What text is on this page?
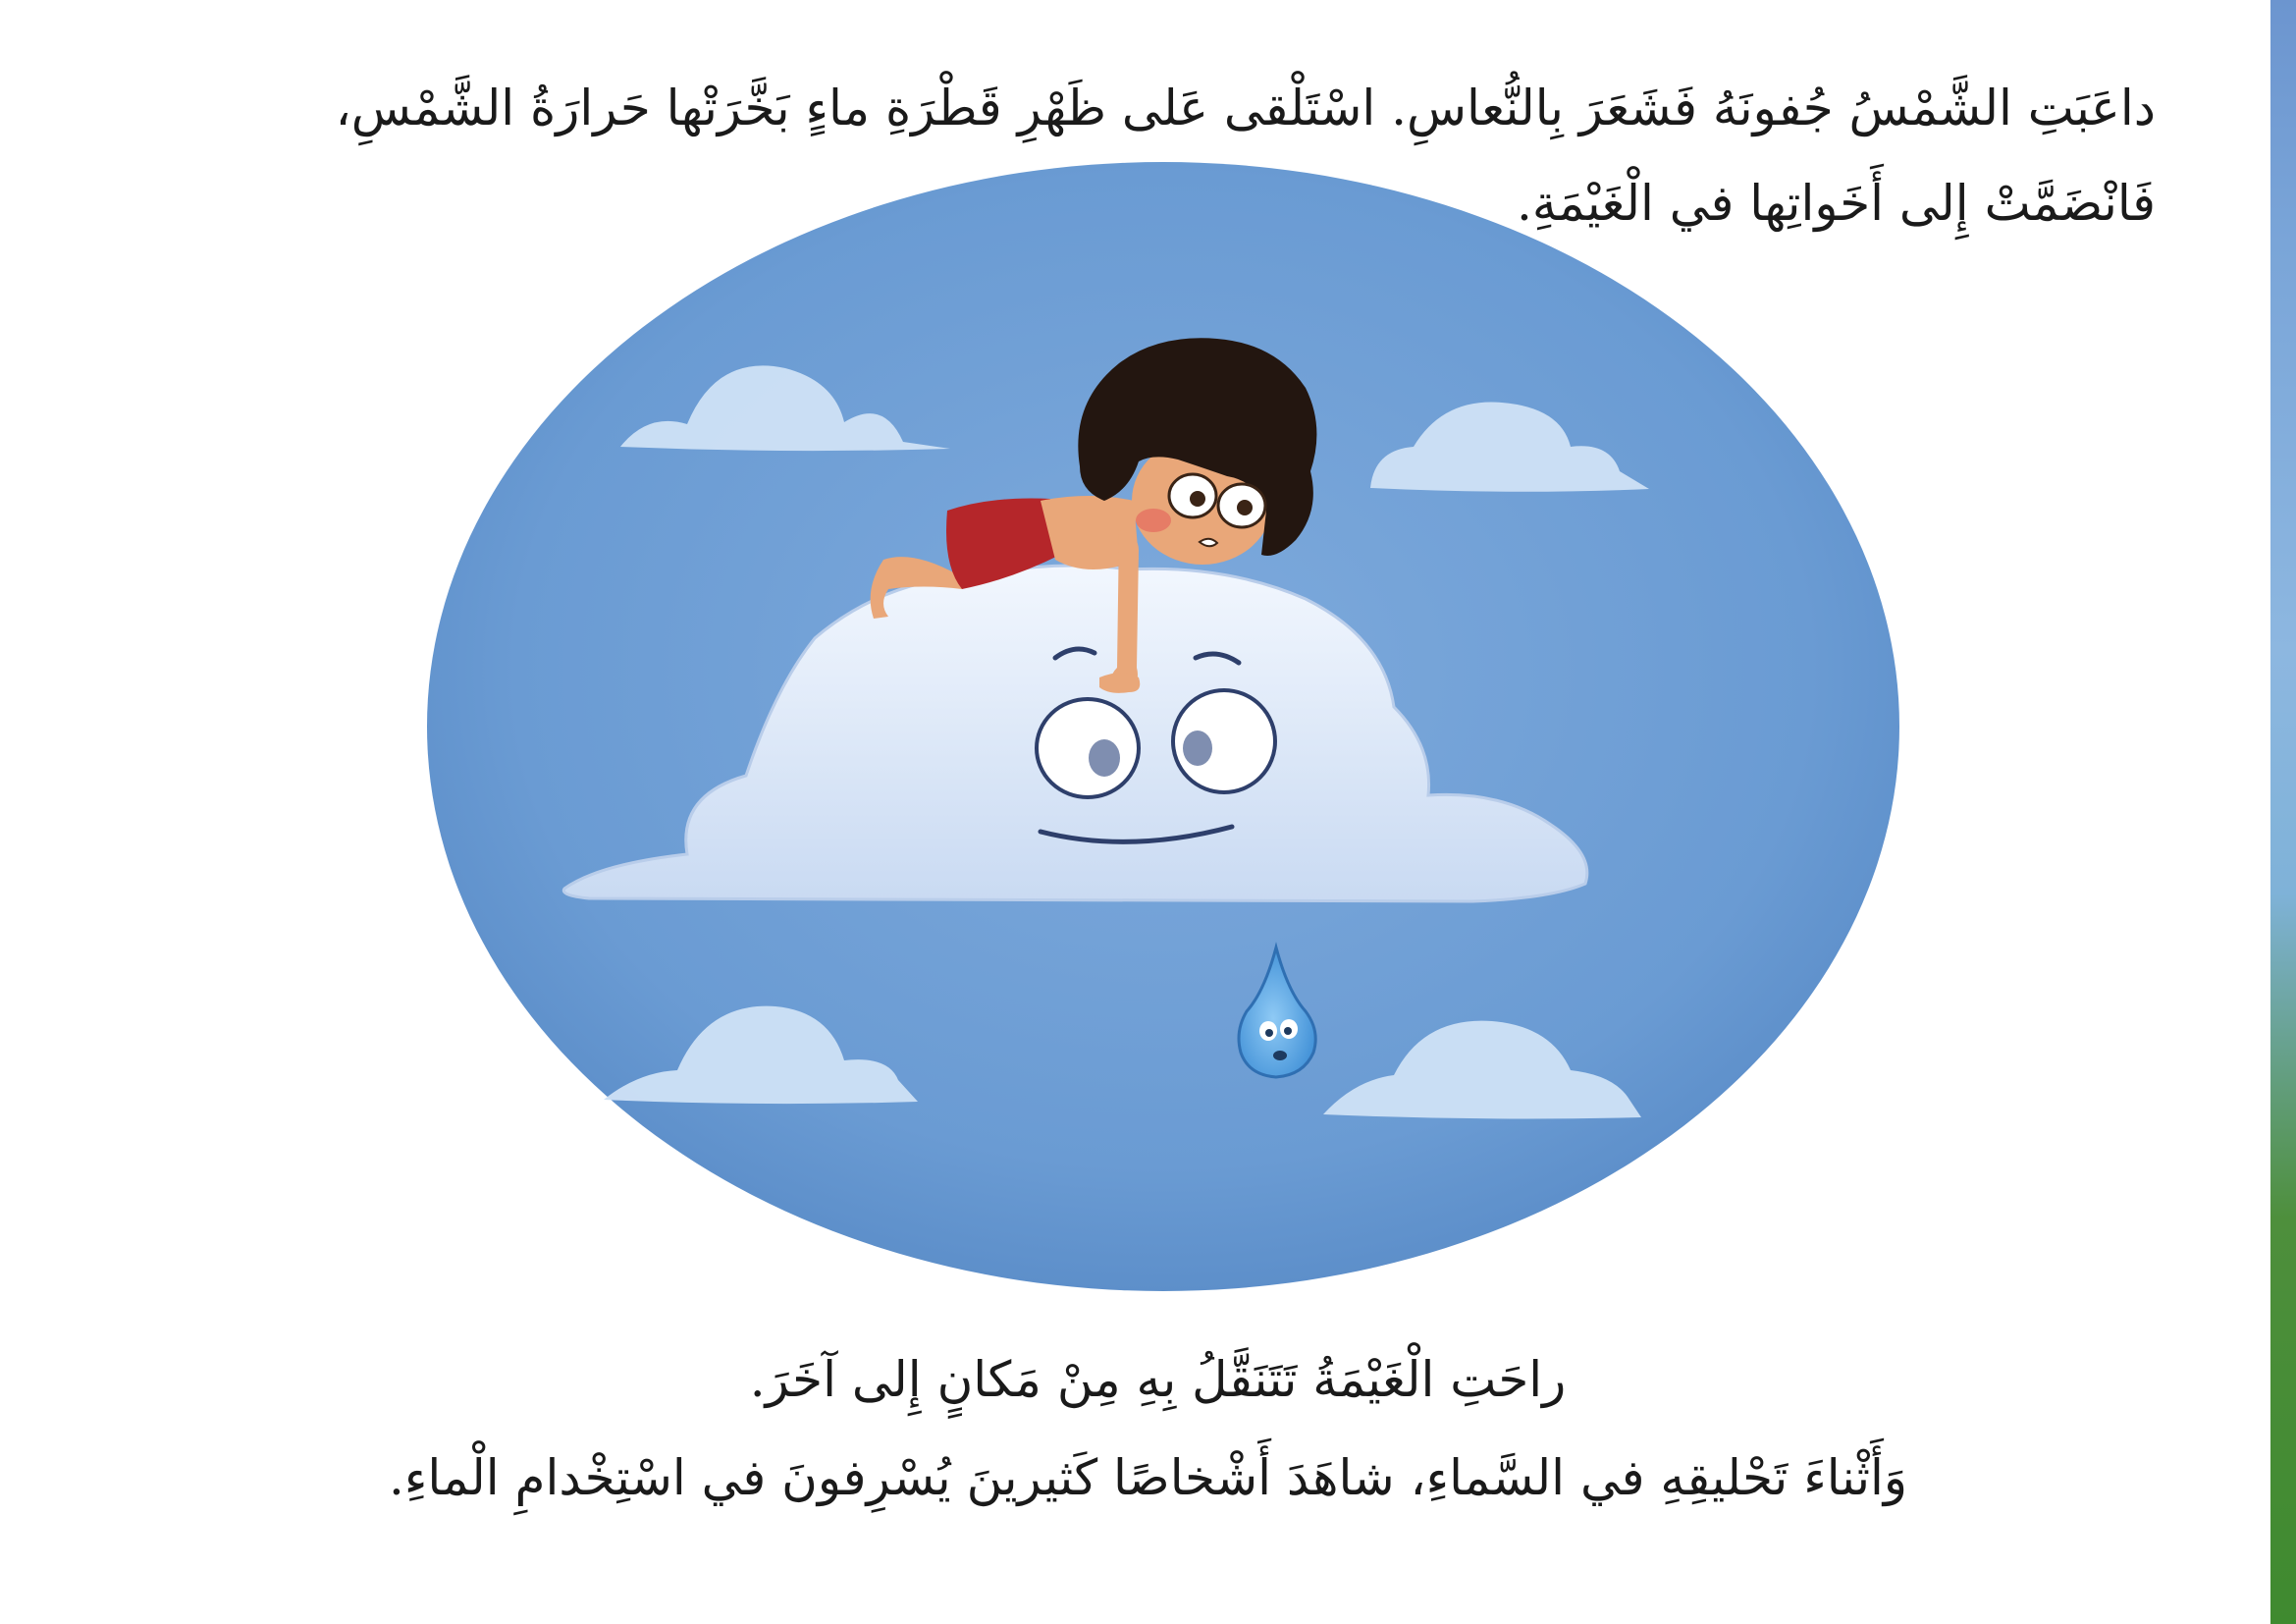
داعَبَتِ الشَّمْسُ جُفونَهُ فَشَعَرَ بِالنُّعاسِ. اسْتَلْقى عَلى ظَهْرِ قَطْرَةِ ماءٍ بَخَّرَتْها حَرارَةُ الشَّمْسِ،
فَانْضَمَّتْ إِلى أَخَواتِها في الْغَيْمَةِ.
راحَتِ الْغَيْمَةُ تَتَنَقَّلُ بِهِ مِنْ مَكانٍ إِلى آخَرَ.
وَأَثْناءَ تَحْليقِهِ في السَّماءِ، شاهَدَ أَشْخاصًا كَثيرينَ يُسْرِفونَ في اسْتِخْدامِ الْماءِ.
